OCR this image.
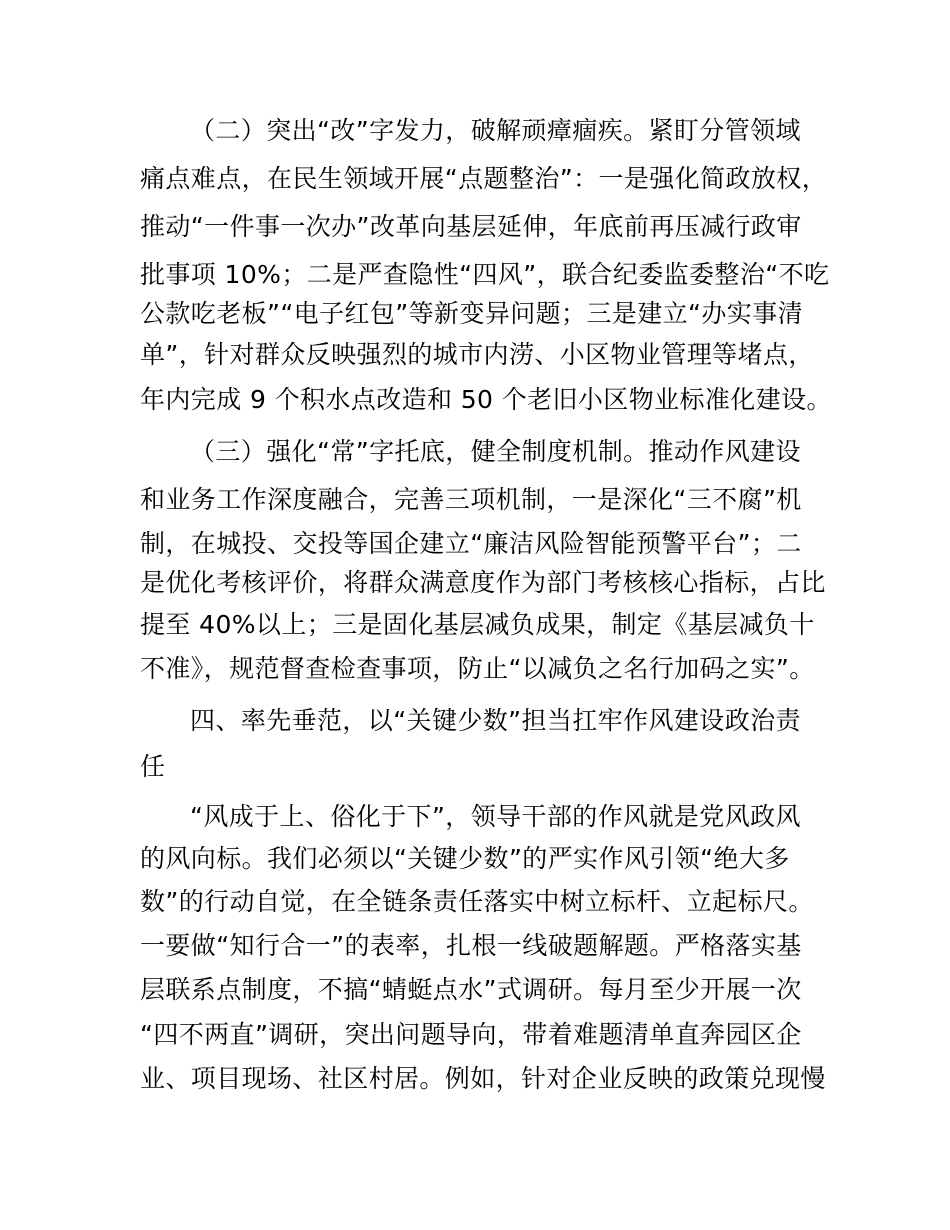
（二）突出“改”字发力，破解顽瘴痼疾。紧盯分管领域
痛点难点，在民生领域开展“点题整治”：一是强化简政放权，
推动“一件事一次办”改革向基层延伸，年底前再压减行政审
批事项 10%；二是严查隐性“四风”，联合纪委监委整治“不吃
公款吃老板”“电子红包”等新变异问题；三是建立“办实事清
单”，针对群众反映强烈的城市内涝、小区物业管理等堵点，
年内完成 9 个积水点改造和 50 个老旧小区物业标准化建设。
（三）强化“常”字托底，健全制度机制。推动作风建设
和业务工作深度融合，完善三项机制，一是深化“三不腐”机
制，在城投、交投等国企建立“廉洁风险智能预警平台”；二
是优化考核评价，将群众满意度作为部门考核核心指标，占比
提至 40%以上；三是固化基层减负成果，制定《基层减负十
不准》，规范督查检查事项，防止“以减负之名行加码之实”。
四、率先垂范，以“关键少数”担当扛牢作风建设政治责
任
“风成于上、俗化于下”，领导干部的作风就是党风政风
的风向标。我们必须以“关键少数”的严实作风引领“绝大多
数”的行动自觉，在全链条责任落实中树立标杆、立起标尺。
一要做“知行合一”的表率，扎根一线破题解题。严格落实基
层联系点制度，不搞“蜻蜓点水”式调研。每月至少开展一次
“四不两直”调研，突出问题导向，带着难题清单直奔园区企
业、项目现场、社区村居。例如，针对企业反映的政策兑现慢
